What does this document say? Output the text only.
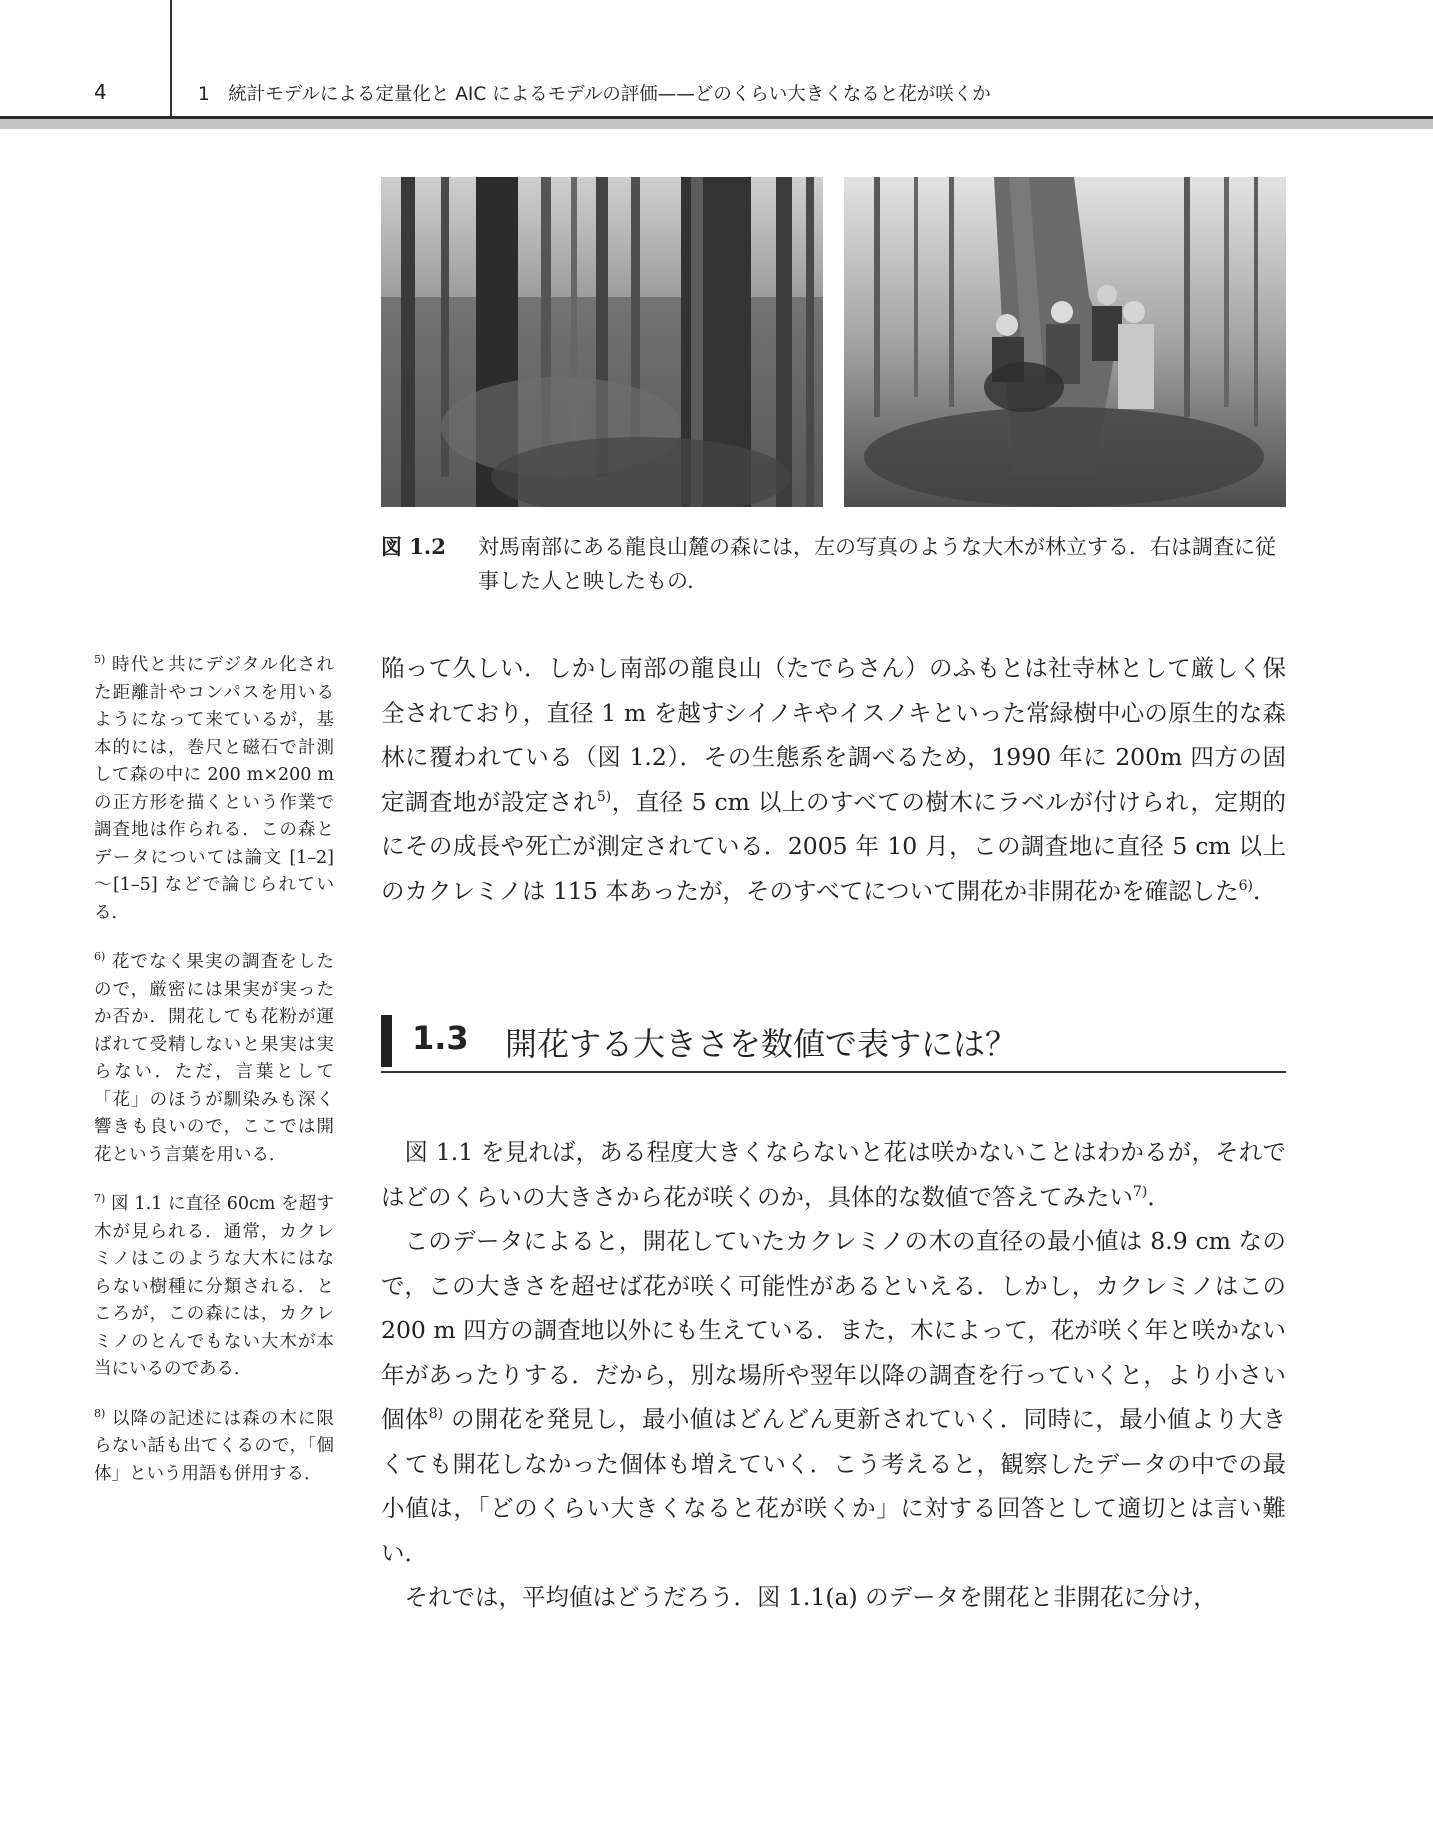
4	1　統計モデルによる定量化と AIC によるモデルの評価——どのくらい大きくなると花が咲くか
図 1.2 対馬南部にある龍良山麓の森には，左の写真のような大木が林立する．右は調査に従事した人と映したもの．
$^{5)}$ 時代と共にデジタル化された距離計やコンパスを用いるようになって来ているが，基本的には，巻尺と磁石で計測して森の中に 200 m×200 m の正方形を描くという作業で調査地は作られる．この森とデータについては論文 [1–2]～[1–5] などで論じられている．
$^{6)}$ 花でなく果実の調査をしたので，厳密には果実が実ったか否か．開花しても花粉が運ばれて受精しないと果実は実らない．ただ，言葉として「花」のほうが馴染みも深く響きも良いので，ここでは開花という言葉を用いる．
$^{7)}$ 図 1.1 に直径 60cm を超す木が見られる．通常，カクレミノはこのような大木にはならない樹種に分類される．ところが，この森には，カクレミノのとんでもない大木が本当にいるのである．
$^{8)}$ 以降の記述には森の木に限らない話も出てくるので，「個体」という用語も併用する．

陥って久しい．しかし南部の龍良山（たでらさん）のふもとは社寺林として厳しく保全されており，直径 1 m を越すシイノキやイスノキといった常緑樹中心の原生的な森林に覆われている（図 1.2）．その生態系を調べるため，1990 年に 200m 四方の固定調査地が設定され$^{5)}$，直径 5 cm 以上のすべての樹木にラベルが付けられ，定期的にその成長や死亡が測定されている．2005 年 10 月，この調査地に直径 5 cm 以上のカクレミノは 115 本あったが，そのすべてについて開花か非開花かを確認した$^{6)}$．

1.3 開花する大きさを数値で表すには？

図 1.1 を見れば，ある程度大きくならないと花は咲かないことはわかるが，それではどのくらいの大きさから花が咲くのか，具体的な数値で答えてみたい$^{7)}$．

このデータによると，開花していたカクレミノの木の直径の最小値は 8.9 cm なので，この大きさを超せば花が咲く可能性があるといえる．しかし，カクレミノはこの 200 m 四方の調査地以外にも生えている．また，木によって，花が咲く年と咲かない年があったりする．だから，別な場所や翌年以降の調査を行っていくと，より小さい個体$^{8)}$ の開花を発見し，最小値はどんどん更新されていく．同時に，最小値より大きくても開花しなかった個体も増えていく．こう考えると，観察したデータの中での最小値は，「どのくらい大きくなると花が咲くか」に対する回答として適切とは言い難い．

それでは，平均値はどうだろう．図 1.1(a) のデータを開花と非開花に分け，
